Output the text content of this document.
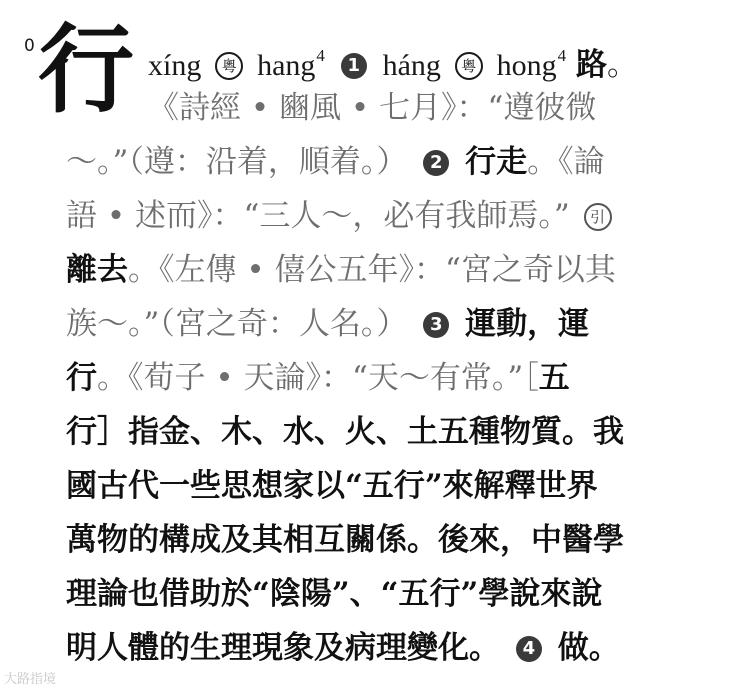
0 行 xíng 粵 hang$^4$ 1 háng 粵 hong$^4$ 路。
《詩經 • 豳風 • 七月》：“遵彼微
～。”（遵：沿着，順着。） 2 行走。《論
語 • 述而》：“三人～，必有我師焉。” 引
離去。《左傳 • 僖公五年》：“宮之奇以其
族～。”（宮之奇：人名。） 3 運動，運
行。《荀子 • 天論》：“天～有常。”［五
行］指金、木、水、火、土五種物質。我
國古代一些思想家以“五行”來解釋世界
萬物的構成及其相互關係。後來，中醫學
理論也借助於“陰陽”、“五行”學說來說
明人體的生理現象及病理變化。 4 做。
大路指境
